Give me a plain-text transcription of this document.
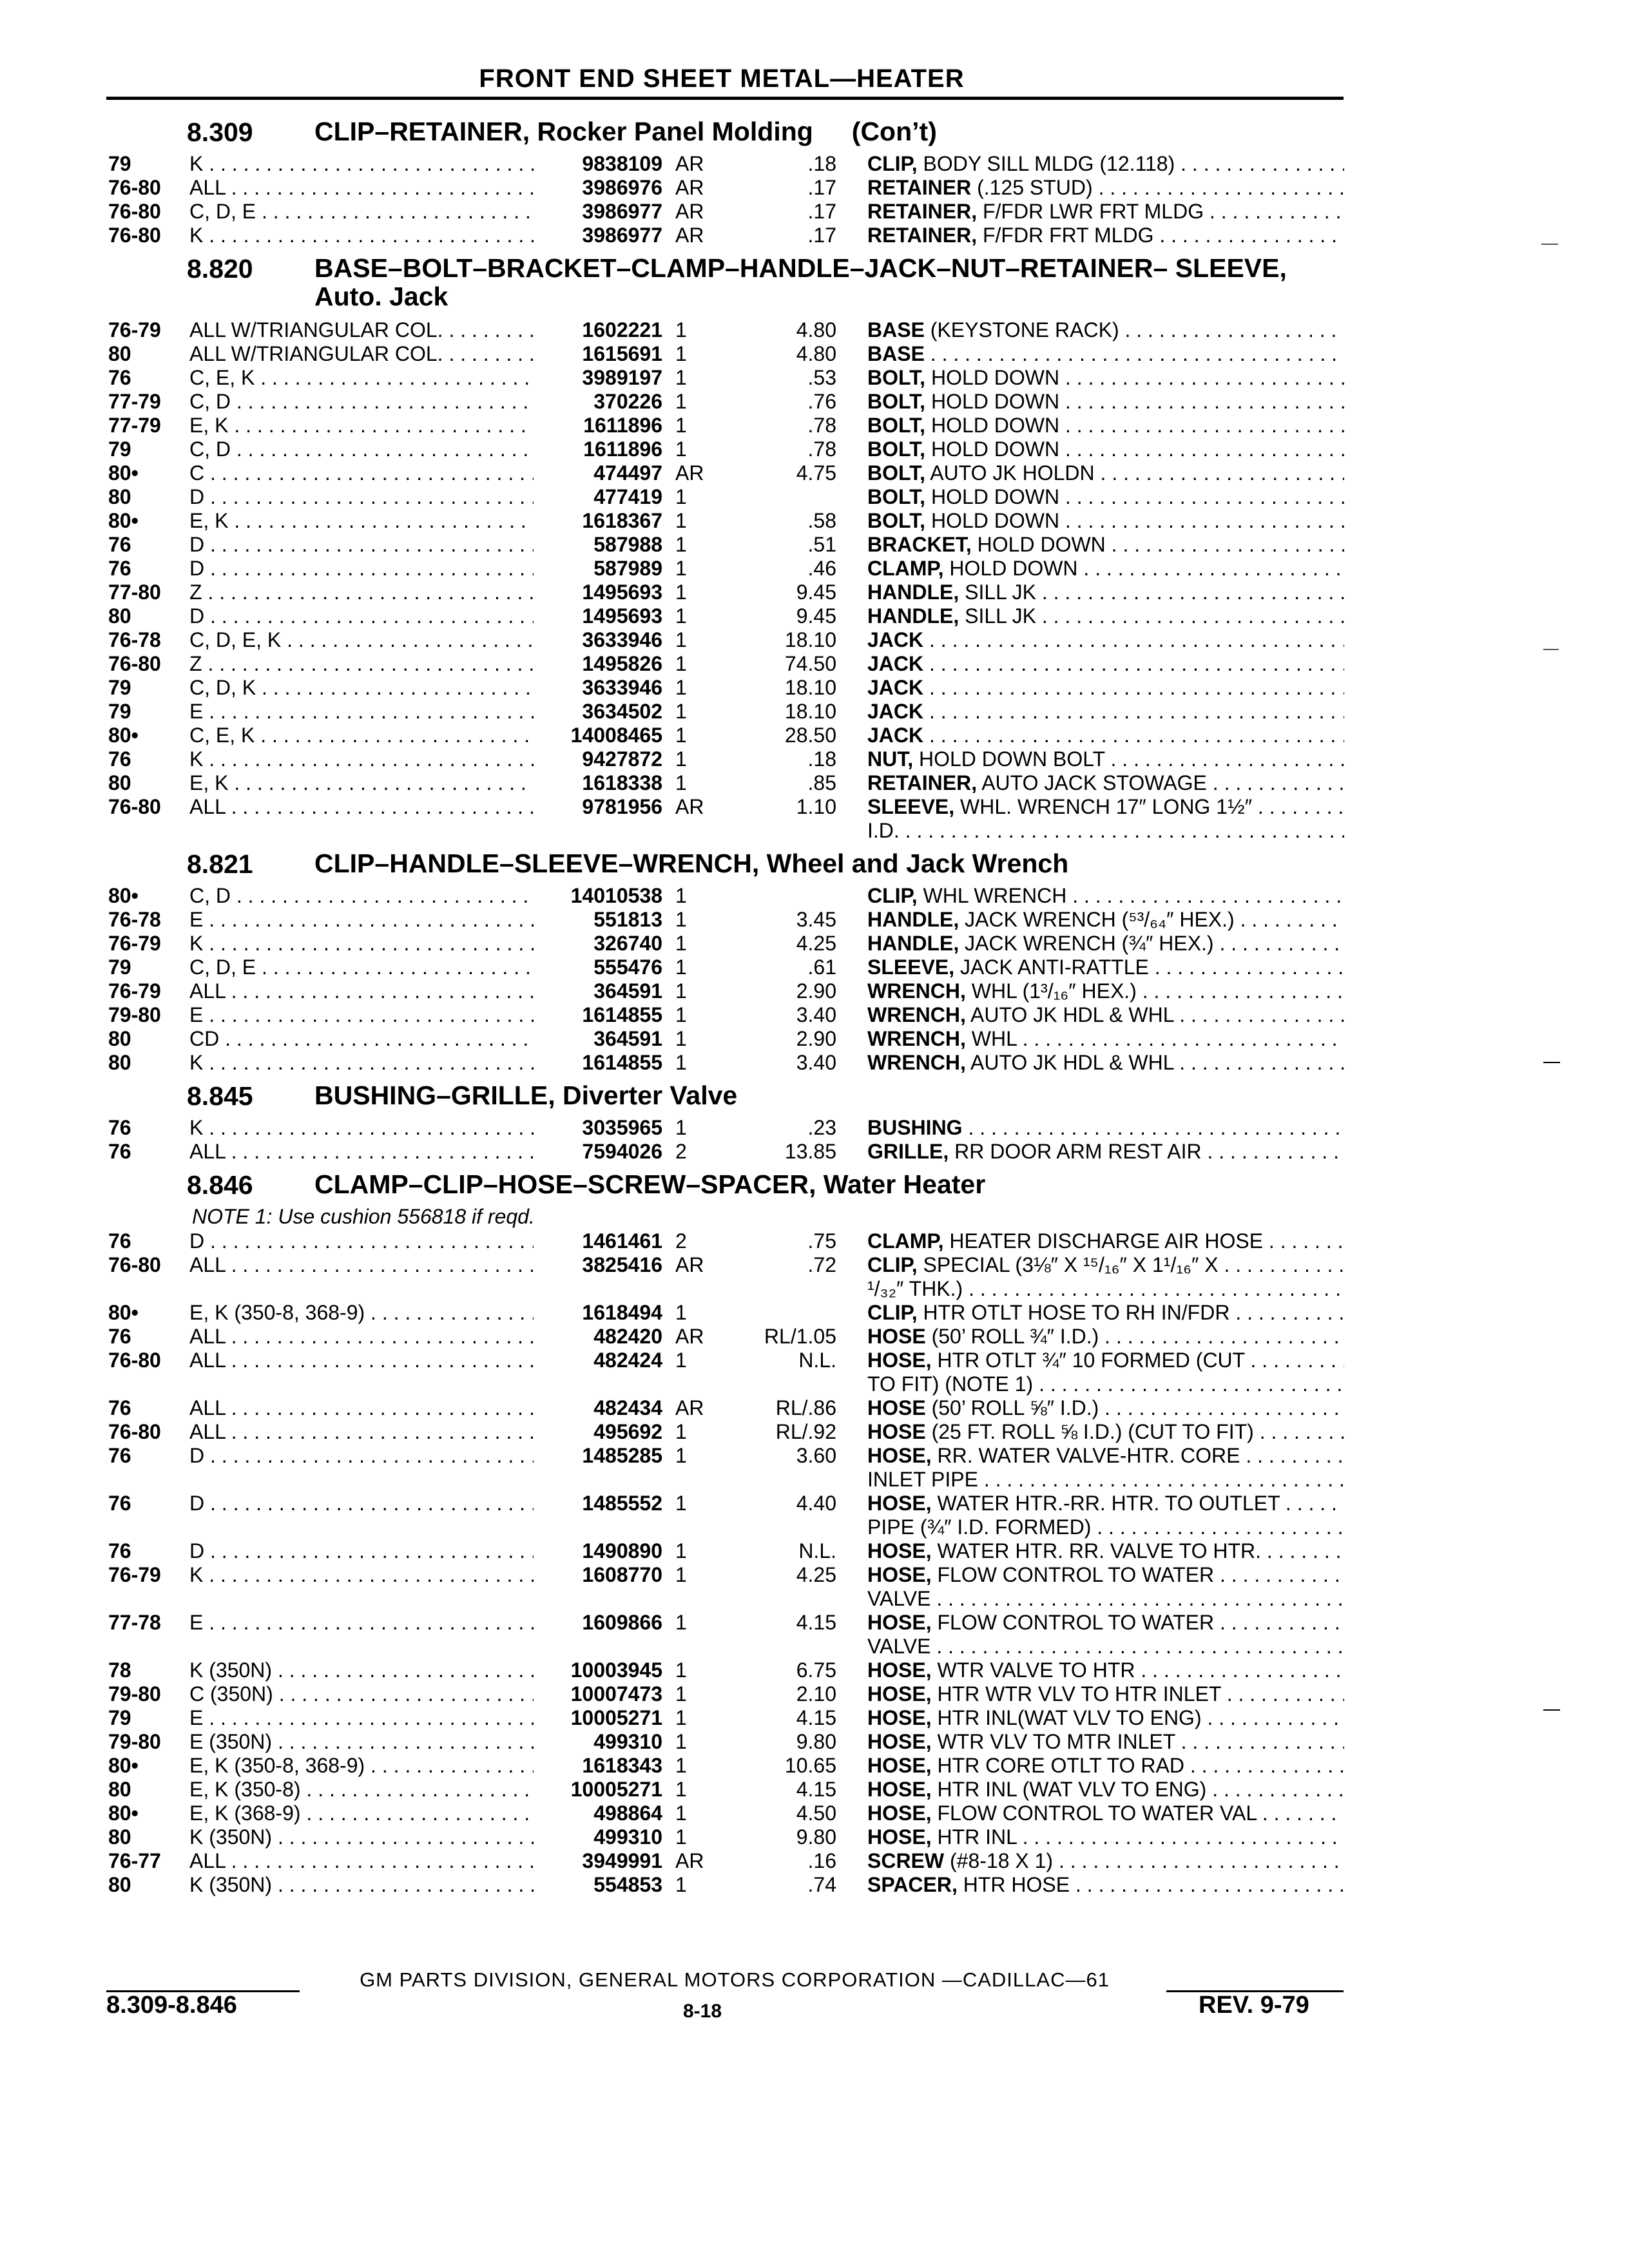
FRONT END SHEET METAL—HEATER
8.309 CLIP–RETAINER, Rocker Panel Molding (Con’t)
79	K . . .	9838109 AR	.18 CLIP, BODY SILL MLDG (12.118) . . .
76-80 ALL . . .	3986976 AR	.17 RETAINER (.125 STUD) . . .
76-80 C, D, E . . .	3986977 AR	.17 RETAINER, F/FDR LWR FRT MLDG . . .
76-80 K . . .	3986977 AR	.17 RETAINER, F/FDR FRT MLDG . . .
8.820 BASE–BOLT–BRACKET–CLAMP–HANDLE–JACK–NUT–RETAINER– SLEEVE, Auto. Jack
76-79 ALL W/TRIANGULAR COL. . . .	1602221 1	4.80 BASE (KEYSTONE RACK) . . .
80	ALL W/TRIANGULAR COL. . . .	1615691 1	4.80 BASE . . .
76	C, E, K . . .	3989197 1	.53 BOLT, HOLD DOWN . . .
77-79 C, D . . .	370226 1	.76 BOLT, HOLD DOWN . . .
77-79 E, K . . .	1611896 1	.78 BOLT, HOLD DOWN . . .
79	C, D . . .	1611896 1	.78 BOLT, HOLD DOWN . . .
80• C . . .	474497 AR	4.75 BOLT, AUTO JK HOLDN . . .
80	D . . .	477419 1	BOLT, HOLD DOWN . . .
80• E, K . . .	1618367 1	.58 BOLT, HOLD DOWN . . .
76	D . . .	587988 1	.51 BRACKET, HOLD DOWN . . .
76	D . . .	587989 1	.46 CLAMP, HOLD DOWN . . .
77-80 Z . . .	1495693 1	9.45 HANDLE, SILL JK . . .
80	D . . .	1495693 1	9.45 HANDLE, SILL JK . . .
76-78 C, D, E, K . . .	3633946 1	18.10 JACK . . .
76-80 Z . . .	1495826 1	74.50 JACK . . .
79	C, D, K . . .	3633946 1	18.10 JACK . . .
79	E . . .	3634502 1	18.10 JACK . . .
80• C, E, K . . .	14008465 1	28.50 JACK . . .
76	K . . .	9427872 1	.18 NUT, HOLD DOWN BOLT . . .
80	E, K . . .	1618338 1	.85 RETAINER, AUTO JACK STOWAGE . . .
76-80 ALL . . .	9781956 AR	1.10 SLEEVE, WHL. WRENCH 17″ LONG 1½″ . . .
I.D. . . .
8.821 CLIP–HANDLE–SLEEVE–WRENCH, Wheel and Jack Wrench
80• C, D . . .	14010538 1	CLIP, WHL WRENCH . . .
76-78 E . . .	551813 1	3.45 HANDLE, JACK WRENCH (⁵³/₆₄″ HEX.) . . .
76-79 K . . .	326740 1	4.25 HANDLE, JACK WRENCH (¾″ HEX.) . . .
79	C, D, E . . .	555476 1	.61 SLEEVE, JACK ANTI-RATTLE . . .
76-79 ALL . . .	364591 1	2.90 WRENCH, WHL (1³/₁₆″ HEX.) . . .
79-80 E . . .	1614855 1	3.40 WRENCH, AUTO JK HDL & WHL . . .
80	CD . . .	364591 1	2.90 WRENCH, WHL . . .
80	K . . .	1614855 1	3.40 WRENCH, AUTO JK HDL & WHL . . .
8.845 BUSHING–GRILLE, Diverter Valve
76	K . . .	3035965 1	.23 BUSHING . . .
76	ALL . . .	7594026 2	13.85 GRILLE, RR DOOR ARM REST AIR . . .
8.846 CLAMP–CLIP–HOSE–SCREW–SPACER, Water Heater
NOTE 1: Use cushion 556818 if reqd.
76	D . . .	1461461 2	.75 CLAMP, HEATER DISCHARGE AIR HOSE . . .
76-80 ALL . . .	3825416 AR	.72 CLIP, SPECIAL (3⅛″ X ¹⁵/₁₆″ X 1¹/₁₆″ X . . .
¹/₃₂″ THK.) . . .
80• E, K (350-8, 368-9) . . .	1618494 1	CLIP, HTR OTLT HOSE TO RH IN/FDR . . .
76	ALL . . .	482420 AR	RL/1.05 HOSE (50’ ROLL ¾″ I.D.) . . .
76-80 ALL . . .	482424 1	N.L. HOSE, HTR OTLT ¾″ 10 FORMED (CUT . . .
TO FIT) (NOTE 1) . . .
76	ALL . . .	482434 AR	RL/.86 HOSE (50’ ROLL ⅝″ I.D.) . . .
76-80 ALL . . .	495692 1	RL/.92 HOSE (25 FT. ROLL ⅝ I.D.) (CUT TO FIT) . . .
76	D . . .	1485285 1	3.60 HOSE, RR. WATER VALVE-HTR. CORE . . .
INLET PIPE . . .
76	D . . .	1485552 1	4.40 HOSE, WATER HTR.-RR. HTR. TO OUTLET . . .
PIPE (¾″ I.D. FORMED) . . .
76	D . . .	1490890 1	N.L. HOSE, WATER HTR. RR. VALVE TO HTR. . . .
76-79 K . . .	1608770 1	4.25 HOSE, FLOW CONTROL TO WATER . . .
VALVE . . .
77-78 E . . .	1609866 1	4.15 HOSE, FLOW CONTROL TO WATER . . .
VALVE . . .
78	K (350N) . . .	10003945 1	6.75 HOSE, WTR VALVE TO HTR . . .
79-80 C (350N) . . .	10007473 1	2.10 HOSE, HTR WTR VLV TO HTR INLET . . .
79	E . . .	10005271 1	4.15 HOSE, HTR INL(WAT VLV TO ENG) . . .
79-80 E (350N) . . .	499310 1	9.80 HOSE, WTR VLV TO MTR INLET . . .
80• E, K (350-8, 368-9) . . .	1618343 1	10.65 HOSE, HTR CORE OTLT TO RAD . . .
80	E, K (350-8) . . .	10005271 1	4.15 HOSE, HTR INL (WAT VLV TO ENG) . . .
80• E, K (368-9) . . .	498864 1	4.50 HOSE, FLOW CONTROL TO WATER VAL . . .
80	K (350N) . . .	499310 1	9.80 HOSE, HTR INL . . .
76-77 ALL . . .	3949991 AR	.16 SCREW (#8-18 X 1) . . .
80	K (350N) . . .	554853 1	.74 SPACER, HTR HOSE . . .
GM PARTS DIVISION, GENERAL MOTORS CORPORATION —CADILLAC—61
8.309-8.846	8-18	REV. 9-79
